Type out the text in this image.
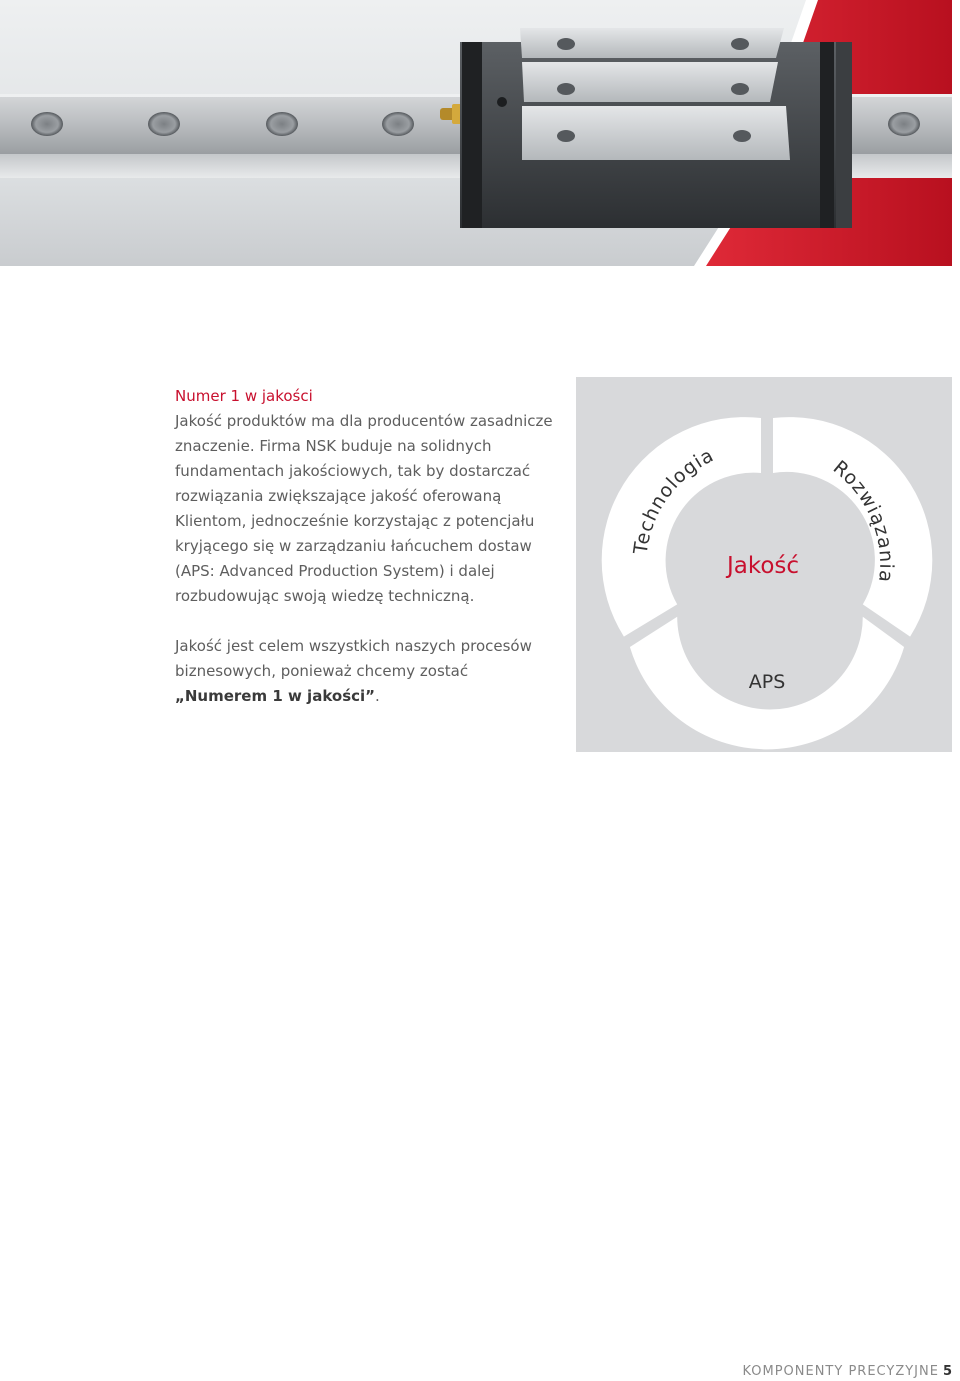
Numer 1 w jakości

Jakość produktów ma dla producentów zasadnicze znaczenie. Firma NSK buduje na solidnych fundamentach jakościowych, tak by dostarczać rozwiązania zwiększające jakość oferowaną Klientom, jednocześnie korzystając z potencjału kryjącego się w zarządzaniu łańcuchem dostaw (APS: Advanced Production System) i dalej rozbudowując swoją wiedzę techniczną.

Jakość jest celem wszystkich naszych procesów biznesowych, ponieważ chcemy zostać „Numerem 1 w jakości”.

Technologia	Rozwiązania
APS
Jakość
KOMPONENTY PRECYZYJNE 5
